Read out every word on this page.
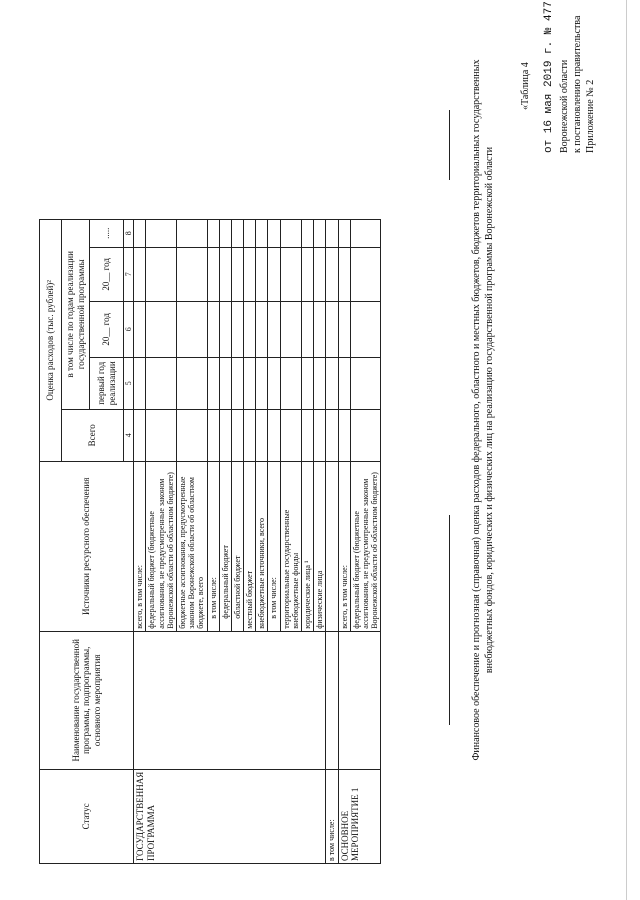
Приложение № 2
к постановлению правительства
Воронежской области
от 16 мая 2019 г. № 477
«Таблица 4
Финансовое обеспечение и прогнозная (справочная) оценка расходов федерального, областного и местных бюджетов, бюджетов территориальных государственных внебюджетных фондов, юридических и физических лиц на реализацию государственной программы Воронежской области
Статус	Наименование государственной программы, подпрограммы, основного мероприятия	Источники ресурсного обеспечения	Оценка расходов (тыс. рублей)²				
			Всего	в том числе по годам реализации государственной программы			
				первый год реализации	20__ год	20__ год	.....
			4	5	6	7	8
ГОСУДАРСТВЕННАЯ ПРОГРАММА		всего, в том числе:					
		федеральный бюджет (бюджетные ассигнования, не предусмотренные законом Воронежской области об областном бюджете)					
		бюджетные ассигнования, предусмотренные законом Воронежской области об областном бюджете, всего					
		в том числе:					
		федеральный бюджет					
		областной бюджет					
		местный бюджет					
		внебюджетные источники, всего					
		в том числе:					
		территориальные государственные внебюджетные фонды					
		юридические лица ¹					
		физические лица					
в том числе:							
ОСНОВНОЕ МЕРОПРИЯТИЕ 1		всего, в том числе:					
		федеральный бюджет (бюджетные ассигнования, не предусмотренные законом Воронежской области об областном бюджете)					
